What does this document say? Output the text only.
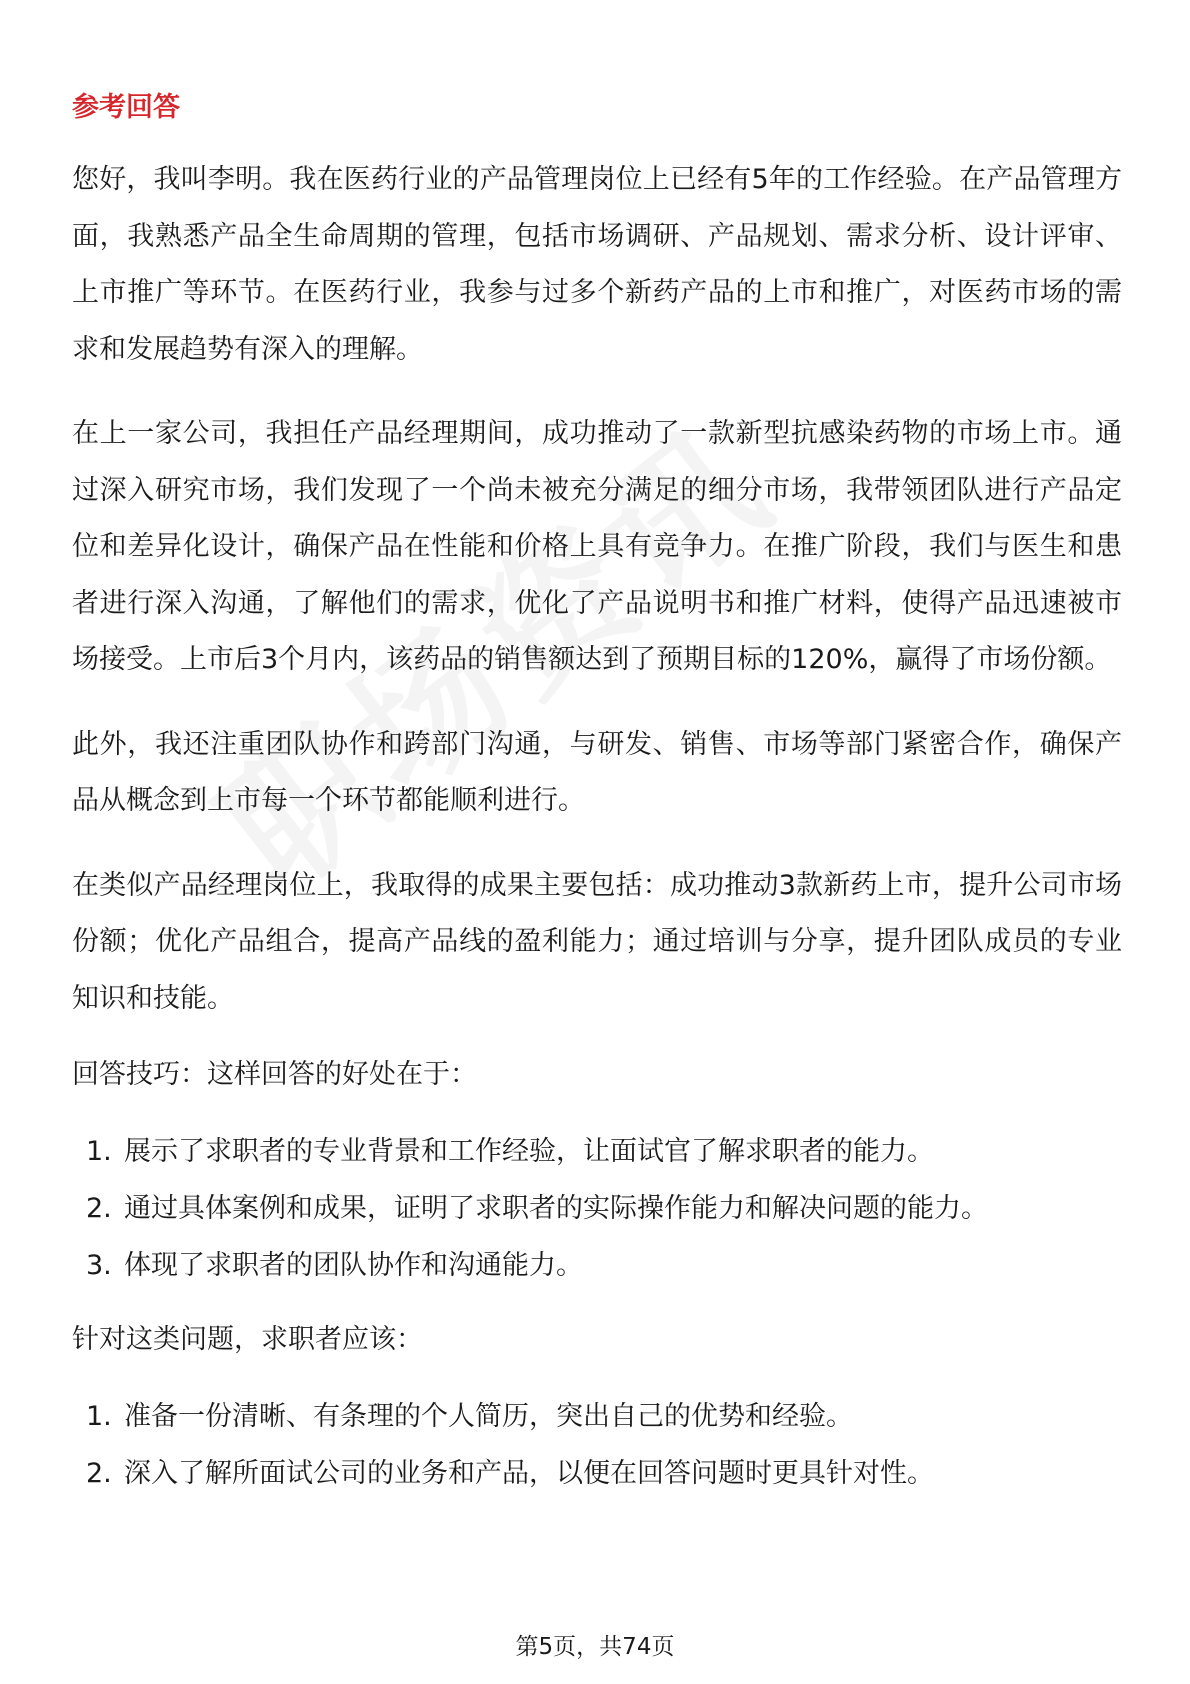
参考回答

您好，我叫李明。我在医药行业的产品管理岗位上已经有5年的工作经验。在产品管理方面，我熟悉产品全生命周期的管理，包括市场调研、产品规划、需求分析、设计评审、上市推广等环节。在医药行业，我参与过多个新药产品的上市和推广，对医药市场的需求和发展趋势有深入的理解。

在上一家公司，我担任产品经理期间，成功推动了一款新型抗感染药物的市场上市。通过深入研究市场，我们发现了一个尚未被充分满足的细分市场，我带领团队进行产品定位和差异化设计，确保产品在性能和价格上具有竞争力。在推广阶段，我们与医生和患者进行深入沟通，了解他们的需求，优化了产品说明书和推广材料，使得产品迅速被市场接受。上市后3个月内，该药品的销售额达到了预期目标的120%，赢得了市场份额。

此外，我还注重团队协作和跨部门沟通，与研发、销售、市场等部门紧密合作，确保产品从概念到上市每一个环节都能顺利进行。

在类似产品经理岗位上，我取得的成果主要包括：成功推动3款新药上市，提升公司市场份额；优化产品组合，提高产品线的盈利能力；通过培训与分享，提升团队成员的专业知识和技能。

回答技巧：这样回答的好处在于：
1. 展示了求职者的专业背景和工作经验，让面试官了解求职者的能力。
2. 通过具体案例和成果，证明了求职者的实际操作能力和解决问题的能力。
3. 体现了求职者的团队协作和沟通能力。
针对这类问题，求职者应该：
1. 准备一份清晰、有条理的个人简历，突出自己的优势和经验。
2. 深入了解所面试公司的业务和产品，以便在回答问题时更具针对性。
第5页，共74页
